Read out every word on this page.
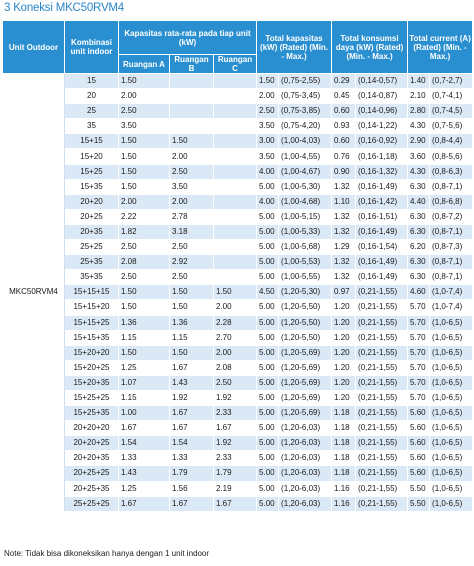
3 Koneksi MKC50RVM4
Unit Outdoor	Kombinasi unit indoor	Kapasitas rata-rata pada tiap unit (kW)			Total kapasitas (kW) (Rated) (Min. - Max.)		Total konsumsi daya (kW) (Rated) (Min. - Max.)		Total current (A) (Rated) (Min. - Max.)	
		Ruangan A	Ruangan B	Ruangan C						
MKC50RVM4	15	1.50			1.50	(0,75-2,55)	0.29	(0,14-0,57)	1.40	(0,7-2,7)
	20	2.00			2.00	(0,75-3,45)	0.45	(0,14-0,87)	2.10	(0,7-4,1)
	25	2.50			2.50	(0,75-3,85)	0.60	(0,14-0,96)	2.80	(0,7-4,5)
	35	3.50			3.50	(0,75-4,20)	0.93	(0,14-1,22)	4.30	(0,7-5,6)
	15+15	1.50	1.50		3.00	(1,00-4,03)	0.60	(0,16-0,92)	2.90	(0,8-4,4)
	15+20	1.50	2.00		3.50	(1,00-4,55)	0.76	(0,16-1,18)	3.60	(0,8-5,6)
	15+25	1.50	2.50		4.00	(1,00-4,67)	0.90	(0,16-1,32)	4.30	(0,8-6,3)
	15+35	1.50	3.50		5.00	(1,00-5,30)	1.32	(0,16-1,49)	6.30	(0,8-7,1)
	20+20	2.00	2.00		4.00	(1,00-4,68)	1.10	(0,16-1,42)	4.40	(0,8-6,8)
	20+25	2.22	2.78		5.00	(1,00-5,15)	1.32	(0,16-1,51)	6.30	(0,8-7,2)
	20+35	1.82	3.18		5.00	(1,00-5,33)	1.32	(0,16-1,49)	6.30	(0,8-7,1)
	25+25	2.50	2.50		5.00	(1,00-5,68)	1.29	(0,16-1,54)	6.20	(0,8-7,3)
	25+35	2.08	2.92		5.00	(1,00-5,53)	1.32	(0,16-1,49)	6.30	(0,8-7,1)
	35+35	2.50	2.50		5.00	(1,00-5,55)	1.32	(0,16-1,49)	6.30	(0,8-7,1)
	15+15+15	1.50	1.50	1.50	4.50	(1,20-5,30)	0.97	(0,21-1,55)	4.60	(1,0-7,4)
	15+15+20	1.50	1.50	2.00	5.00	(1,20-5,50)	1.20	(0,21-1,55)	5.70	(1,0-7,4)
	15+15+25	1.36	1.36	2.28	5.00	(1,20-5,50)	1.20	(0,21-1,55)	5.70	(1,0-6,5)
	15+15+35	1.15	1.15	2.70	5.00	(1,20-5,50)	1.20	(0,21-1,55)	5.70	(1,0-6,5)
	15+20+20	1.50	1.50	2.00	5.00	(1,20-5,69)	1.20	(0,21-1,55)	5.70	(1,0-6,5)
	15+20+25	1.25	1.67	2.08	5.00	(1,20-5,69)	1.20	(0,21-1,55)	5.70	(1,0-6,5)
	15+20+35	1.07	1.43	2.50	5.00	(1,20-5,69)	1.20	(0,21-1,55)	5.70	(1,0-6,5)
	15+25+25	1.15	1.92	1.92	5.00	(1,20-5,69)	1.20	(0,21-1,55)	5.70	(1,0-6,5)
	15+25+35	1.00	1.67	2.33	5.00	(1,20-5,69)	1.18	(0,21-1,55)	5.60	(1,0-6,5)
	20+20+20	1.67	1.67	1.67	5.00	(1,20-6,03)	1.18	(0,21-1,55)	5.60	(1,0-6,5)
	20+20+25	1.54	1.54	1.92	5.00	(1,20-6,03)	1.18	(0,21-1,55)	5.60	(1,0-6,5)
	20+20+35	1.33	1.33	2.33	5.00	(1,20-6,03)	1.18	(0,21-1,55)	5.60	(1,0-6,5)
	20+25+25	1.43	1.79	1.79	5.00	(1,20-6,03)	1.18	(0,21-1,55)	5.60	(1,0-6,5)
	20+25+35	1.25	1.56	2.19	5.00	(1,20-6,03)	1.16	(0,21-1,55)	5.50	(1,0-6,5)
	25+25+25	1.67	1.67	1.67	5.00	(1,20-6,03)	1.16	(0,21-1,55)	5.50	(1,0-6,5)
Note: Tidak bisa dikoneksikan hanya dengan 1 unit indoor
